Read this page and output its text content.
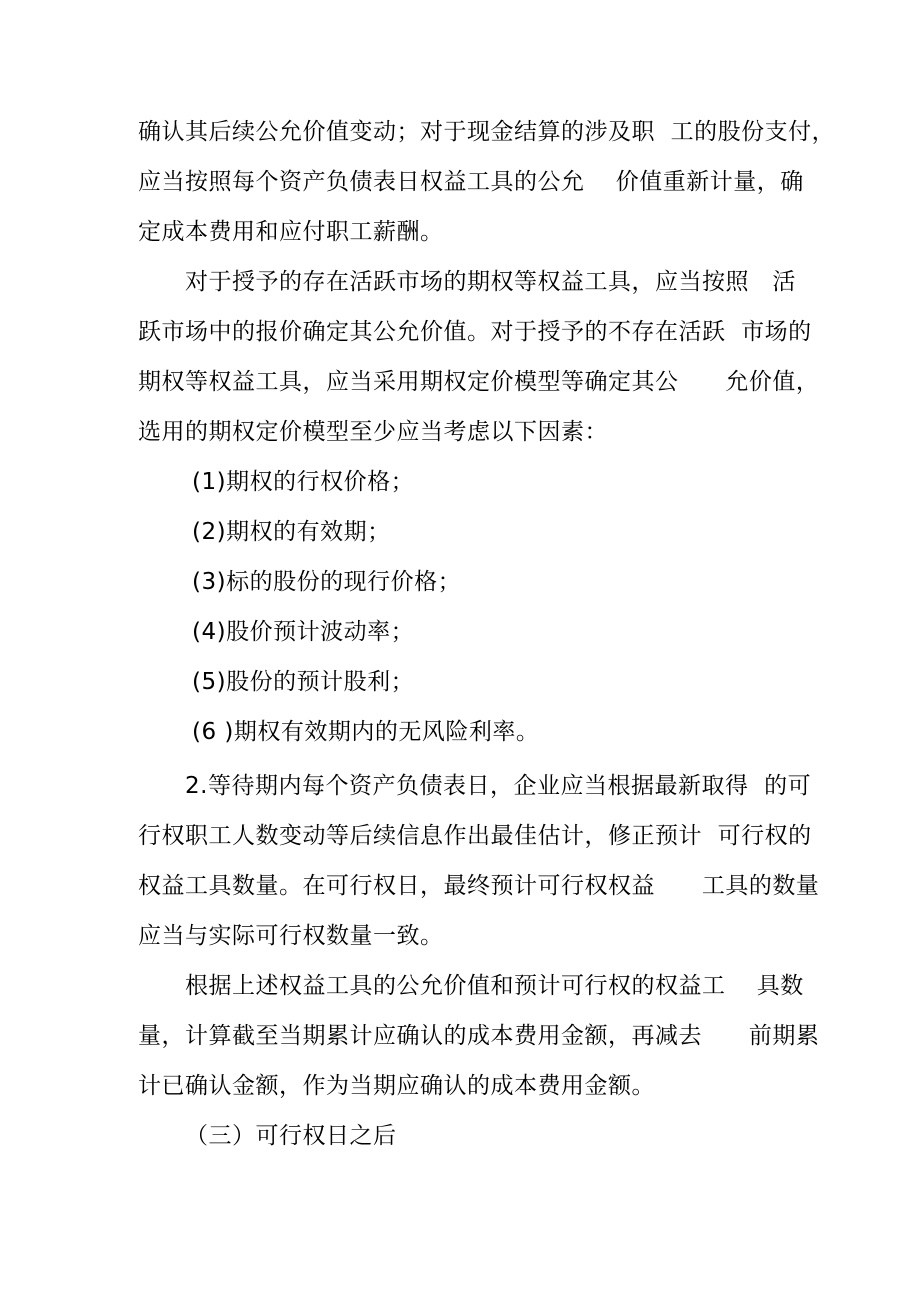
确认其后续公允价值变动；对于现金结算的涉及职  工的股份支付，
应当按照每个资产负债表日权益工具的公允    价值重新计量，确
定成本费用和应付职工薪酬。
对于授予的存在活跃市场的期权等权益工具，应当按照   活
跃市场中的报价确定其公允价值。对于授予的不存在活跃  市场的
期权等权益工具，应当采用期权定价模型等确定其公      允价值，
选用的期权定价模型至少应当考虑以下因素：
(1)期权的行权价格；
(2)期权的有效期；
(3)标的股份的现行价格；
(4)股价预计波动率；
(5)股份的预计股利；
(6 )期权有效期内的无风险利率。
2.等待期内每个资产负债表日，企业应当根据最新取得  的可
行权职工人数变动等后续信息作出最佳估计，修正预计  可行权的
权益工具数量。在可行权日，最终预计可行权权益      工具的数量
应当与实际可行权数量一致。
根据上述权益工具的公允价值和预计可行权的权益工    具数
量，计算截至当期累计应确认的成本费用金额，再减去      前期累
计已确认金额，作为当期应确认的成本费用金额。
（三）可行权日之后
